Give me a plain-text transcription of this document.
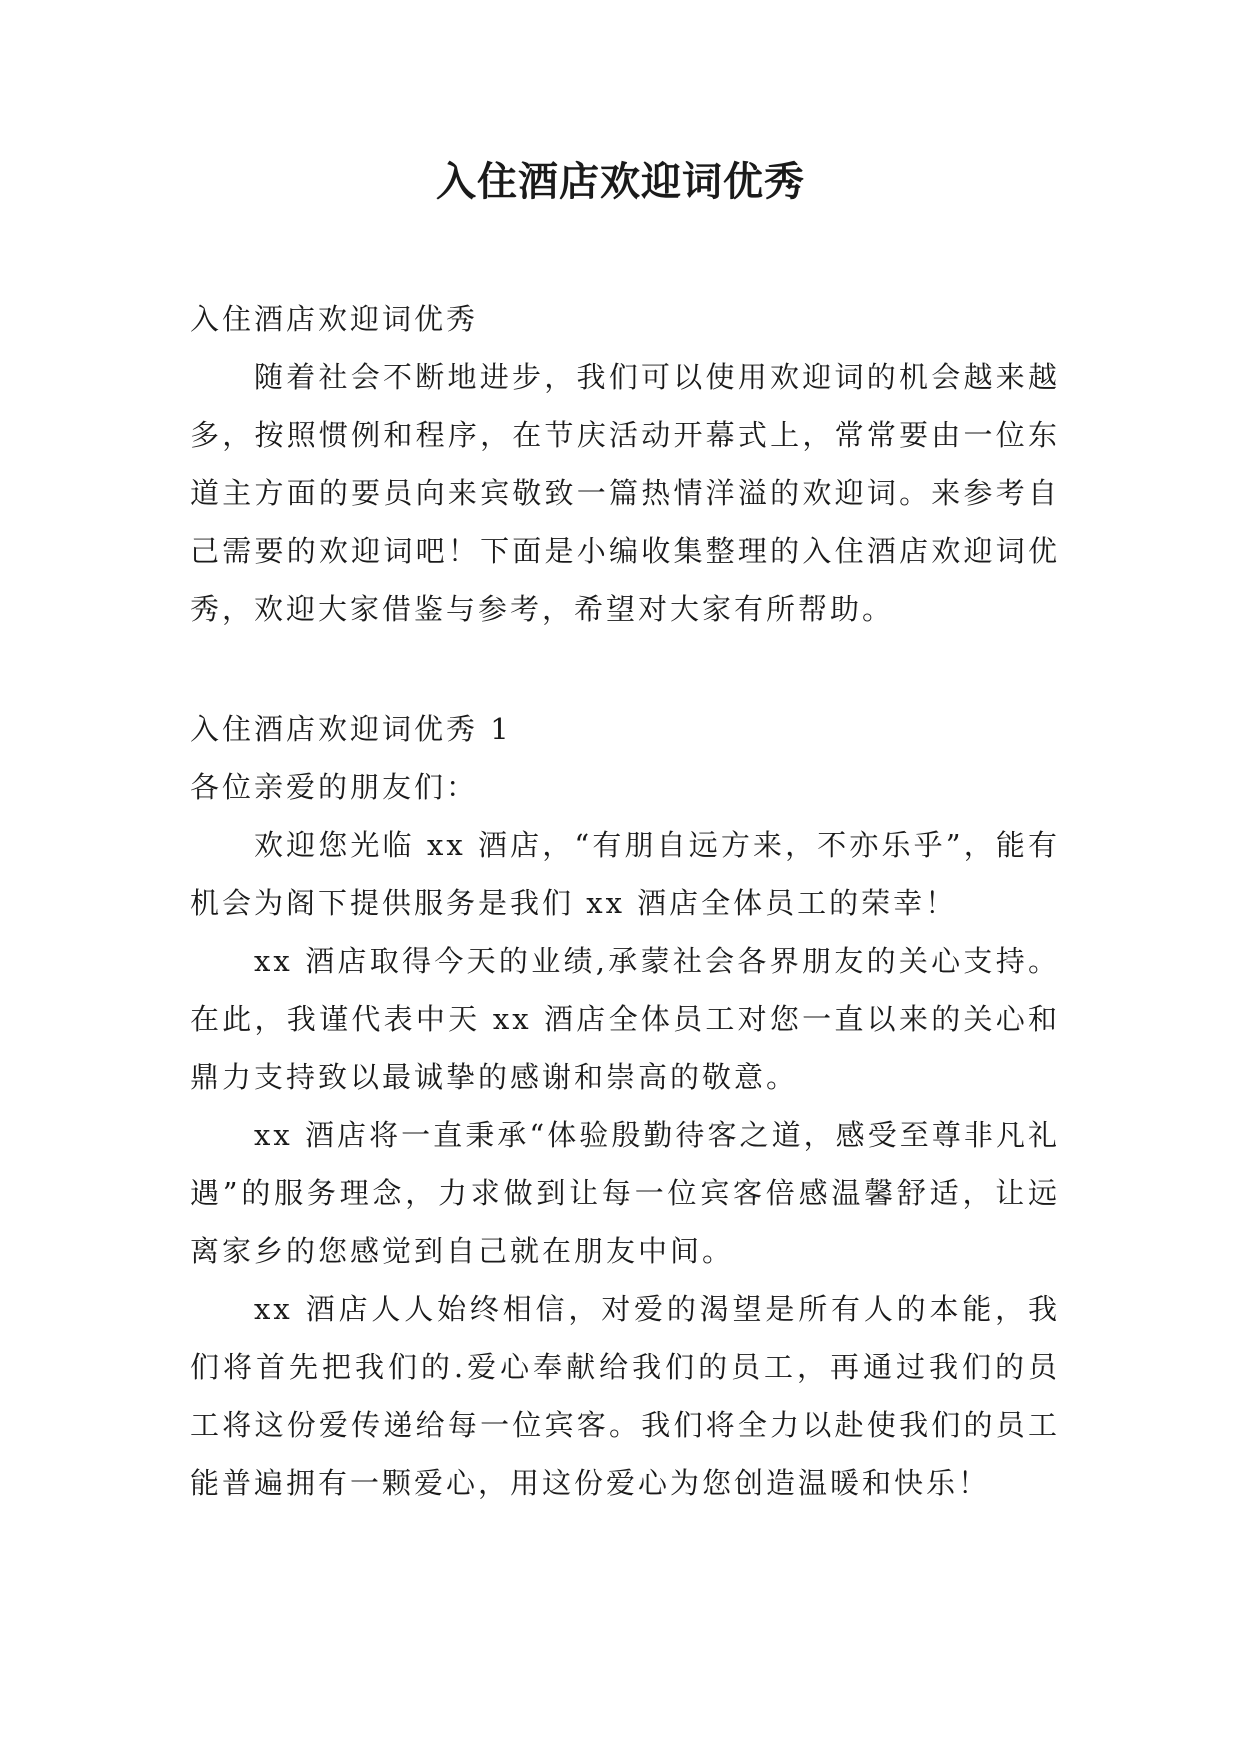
入住酒店欢迎词优秀

入住酒店欢迎词优秀

随着社会不断地进步，我们可以使用欢迎词的机会越来越多，按照惯例和程序，在节庆活动开幕式上，常常要由一位东道主方面的要员向来宾敬致一篇热情洋溢的欢迎词。来参考自己需要的欢迎词吧！下面是小编收集整理的入住酒店欢迎词优秀，欢迎大家借鉴与参考，希望对大家有所帮助。

入住酒店欢迎词优秀 1

各位亲爱的朋友们：

欢迎您光临 xx 酒店，“有朋自远方来，不亦乐乎”，能有机会为阁下提供服务是我们 xx 酒店全体员工的荣幸！

xx 酒店取得今天的业绩,承蒙社会各界朋友的关心支持。在此，我谨代表中天 xx 酒店全体员工对您一直以来的关心和鼎力支持致以最诚挚的感谢和崇高的敬意。

xx 酒店将一直秉承“体验殷勤待客之道，感受至尊非凡礼遇”的服务理念，力求做到让每一位宾客倍感温馨舒适，让远离家乡的您感觉到自己就在朋友中间。

xx 酒店人人始终相信，对爱的渴望是所有人的本能，我们将首先把我们的.爱心奉献给我们的员工，再通过我们的员工将这份爱传递给每一位宾客。我们将全力以赴使我们的员工能普遍拥有一颗爱心，用这份爱心为您创造温暖和快乐！
